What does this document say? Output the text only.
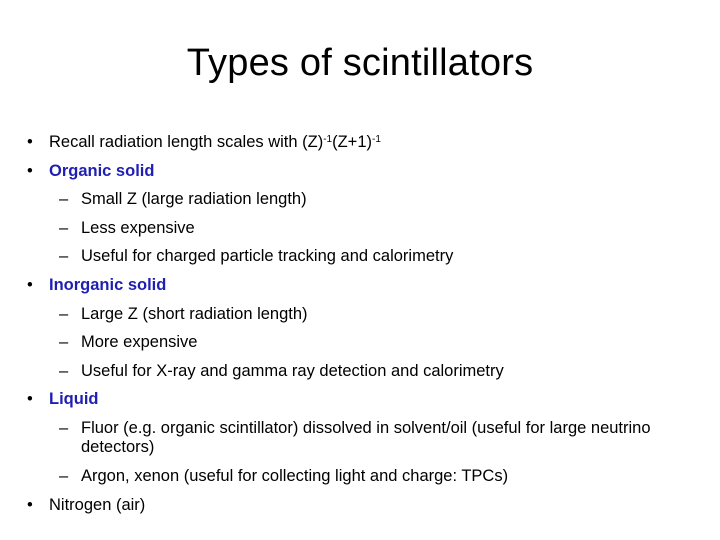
Types of scintillators
• Recall radiation length scales with $(Z)^{-1}(Z+1)^{-1}$
• Organic solid
– Small Z (large radiation length)
– Less expensive
– Useful for charged particle tracking and calorimetry
• Inorganic solid
– Large Z (short radiation length)
– More expensive
– Useful for X-ray and gamma ray detection and calorimetry
• Liquid
– Fluor (e.g. organic scintillator) dissolved in solvent/oil (useful for large neutrino detectors)
– Argon, xenon (useful for collecting light and charge: TPCs)
• Nitrogen (air)
